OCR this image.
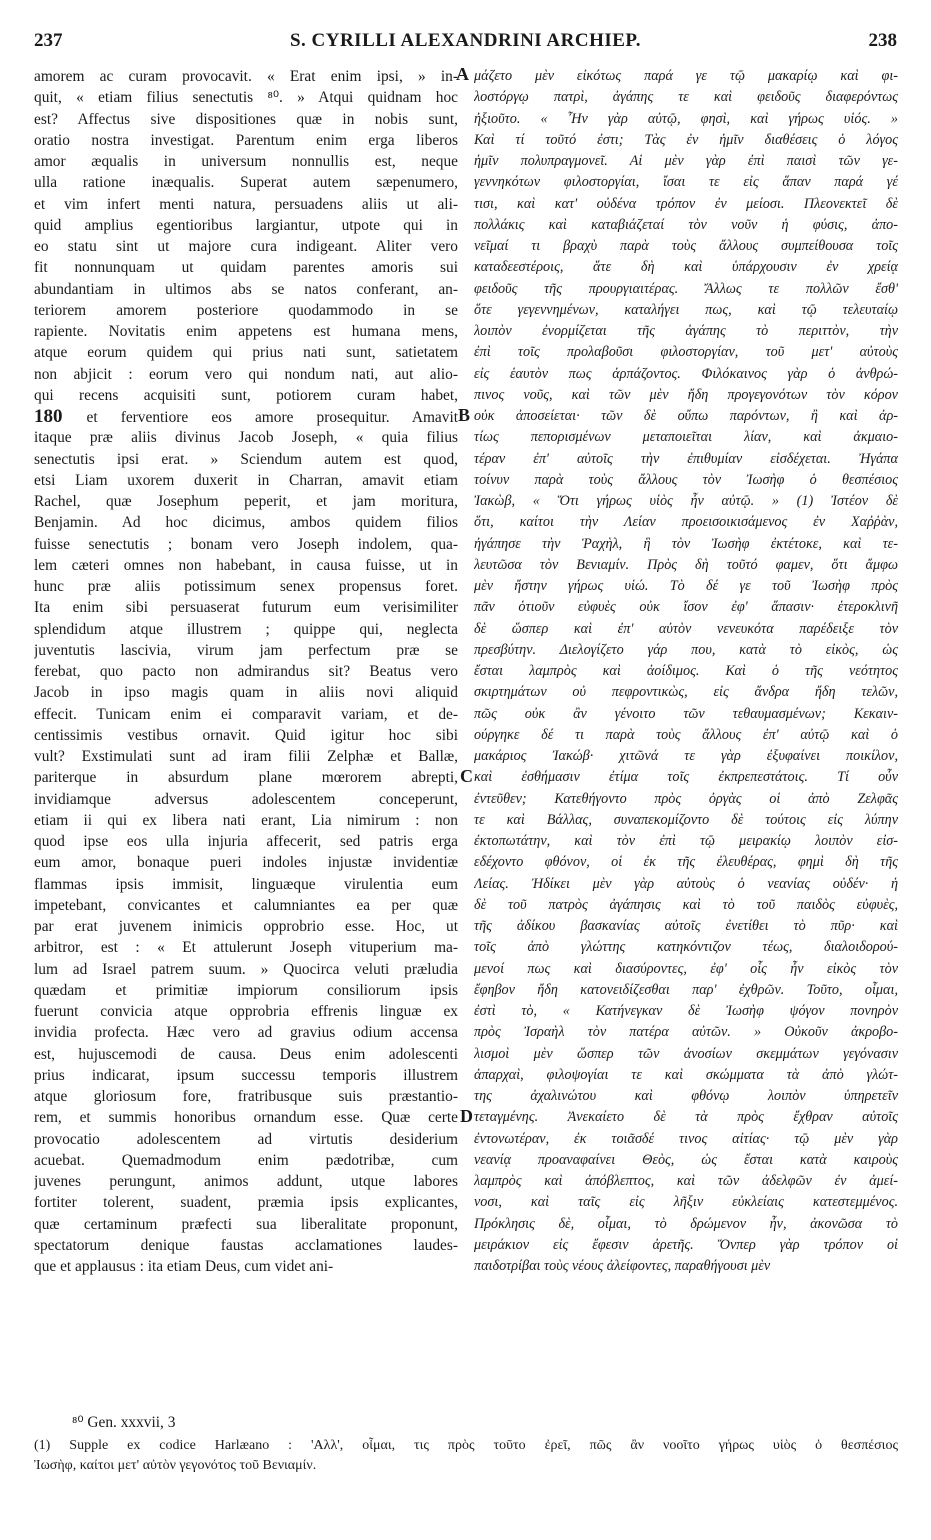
237	S. CYRILLI ALEXANDRINI ARCHIEP.	238
amorem ac curam provocavit. « Erat enim ipsi, » in-
quit, « etiam filius senectutis ⁸⁰. » Atqui quidnam hoc
est? Affectus sive dispositiones quæ in nobis sunt,
oratio nostra investigat. Parentum enim erga liberos
amor æqualis in universum nonnullis est, neque
ulla ratione inæqualis. Superat autem sæpenumero,
et vim infert menti natura, persuadens aliis ut ali-
quid amplius egentioribus largiantur, utpote qui in
eo statu sint ut majore cura indigeant. Aliter vero
fit nonnunquam ut quidam parentes amoris sui
abundantiam in ultimos abs se natos conferant, an-
teriorem amorem posteriore quodammodo in se
rapiente. Novitatis enim appetens est humana mens,
atque eorum quidem qui prius nati sunt, satietatem
non abjicit : eorum vero qui nondum nati, aut alio-
qui recens acquisiti sunt, potiorem curam habet,
180 et ferventiore eos amore prosequitur. Amavit
itaque præ aliis divinus Jacob Joseph, « quia filius
senectutis ipsi erat. » Sciendum autem est quod,
etsi Liam uxorem duxerit in Charran, amavit etiam
Rachel, quæ Josephum peperit, et jam moritura,
Benjamin. Ad hoc dicimus, ambos quidem filios
fuisse senectutis ; bonam vero Joseph indolem, qua-
lem cæteri omnes non habebant, in causa fuisse, ut in
hunc præ aliis potissimum senex propensus foret.
Ita enim sibi persuaserat futurum eum verisimiliter
splendidum atque illustrem ; quippe qui, neglecta
juventutis lascivia, virum jam perfectum præ se
ferebat, quo pacto non admirandus sit? Beatus vero
Jacob in ipso magis quam in aliis novi aliquid
effecit. Tunicam enim ei comparavit variam, et de-
centissimis vestibus ornavit. Quid igitur hoc sibi
vult? Exstimulati sunt ad iram filii Zelphæ et Ballæ,
pariterque in absurdum plane mœrorem abrepti,
invidiamque adversus adolescentem conceperunt,
etiam ii qui ex libera nati erant, Lia nimirum : non
quod ipse eos ulla injuria affecerit, sed patris erga
eum amor, bonaque pueri indoles injustæ invidentiæ
flammas ipsis immisit, linguæque virulentia eum
impetebant, convicantes et calumniantes ea per quæ
par erat juvenem inimicis opprobrio esse. Hoc, ut
arbitror, est : « Et attulerunt Joseph vituperium ma-
lum ad Israel patrem suum. » Quocirca veluti præludia
quædam et primitiæ impiorum consiliorum ipsis
fuerunt convicia atque opprobria effrenis linguæ ex
invidia profecta. Hæc vero ad gravius odium accensa
est, hujuscemodi de causa. Deus enim adolescenti
prius indicarat, ipsum successu temporis illustrem
atque gloriosum fore, fratribusque suis præstantio-
rem, et summis honoribus ornandum esse. Quæ certe
provocatio adolescentem ad virtutis desiderium
acuebat. Quemadmodum enim pædotribæ, cum
juvenes perungunt, animos addunt, utque labores
fortiter tolerent, suadent, præmia ipsis explicantes,
quæ certaminum præfecti sua liberalitate proponunt,
spectatorum denique faustas acclamationes laudes-
que et applausus : ita etiam Deus, cum videt ani-
μάζετο μὲν εἰκότως παρά γε τῷ μακαρίῳ καὶ φι-
λοστόργῳ πατρὶ, ἀγάπης τε καὶ φειδοῦς διαφερόντως
ἠξιοῦτο. « Ἦν γὰρ αὐτῷ, φησὶ, καὶ γήρως υἱός. »
Καὶ τί τοῦτό ἐστι; Τὰς ἐν ἡμῖν διαθέσεις ὁ λόγος
ἡμῖν πολυπραγμονεῖ. Αἱ μὲν γὰρ ἐπὶ παισὶ τῶν γε-
γεννηκότων φιλοστοργίαι, ἴσαι τε εἰς ἅπαν παρά γέ
τισι, καὶ κατ' οὐδένα τρόπον ἐν μείοσι. Πλεονεκτεῖ δὲ
πολλάκις καὶ καταβιάζεταί τὸν νοῦν ἡ φύσις, ἀπο-
νεῖμαί τι βραχὺ παρὰ τοὺς ἄλλους συμπείθουσα τοῖς
καταδεεστέροις, ἅτε δὴ καὶ ὑπάρχουσιν ἐν χρείᾳ
φειδοῦς τῆς προυργιαιτέρας. Ἄλλως τε πολλῶν ἔσθ'
ὅτε γεγεννημένων, καταλήγει πως, καὶ τῷ τελευταίῳ
λοιπὸν ἐνορμίζεται τῆς ἀγάπης τὸ περιττὸν, τὴν
ἐπὶ τοῖς προλαβοῦσι φιλοστοργίαν, τοῦ μετ' αὐτοὺς
εἰς ἑαυτὸν πως ἁρπάζοντος. Φιλόκαινος γὰρ ὁ ἀνθρώ-
πινος νοῦς, καὶ τῶν μὲν ἤδη προγεγονότων τὸν κόρον
οὐκ ἀποσείεται· τῶν δὲ οὔπω παρόντων, ἢ καὶ ἀρ-
τίως πεπορισμένων μεταποιεῖται λίαν, καὶ ἀκμαιο-
τέραν ἐπ' αὐτοῖς τὴν ἐπιθυμίαν εἰσδέχεται. Ἠγάπα
τοίνυν παρὰ τοὺς ἄλλους τὸν Ἰωσὴφ ὁ θεσπέσιος
Ἰακὼβ, « Ὅτι γήρως υἱὸς ἦν αὐτῷ. » (1) Ἰστέον δὲ
ὅτι, καίτοι τὴν Λείαν προεισοικισάμενος ἐν Χαῤῥὰν,
ἠγάπησε τὴν Ῥαχὴλ, ἣ τὸν Ἰωσὴφ ἐκτέτοκε, καὶ τε-
λευτῶσα τὸν Βενιαμίν. Πρὸς δὴ τοῦτό φαμεν, ὅτι ἄμφω
μὲν ἤστην γήρως υἱώ. Τὸ δέ γε τοῦ Ἰωσὴφ πρὸς
πᾶν ὁτιοῦν εὐφυὲς οὐκ ἴσον ἐφ' ἅπασιν· ἑτεροκλινῆ
δὲ ὥσπερ καὶ ἐπ' αὐτὸν νενευκότα παρέδειξε τὸν
πρεσβύτην. Διελογίζετο γάρ που, κατὰ τὸ εἰκὸς, ὡς
ἔσται λαμπρὸς καὶ ἀοίδιμος. Καὶ ὁ τῆς νεότητος
σκιρτημάτων οὐ πεφροντικὼς, εἰς ἄνδρα ἤδη τελῶν,
πῶς οὐκ ἂν γένοιτο τῶν τεθαυμασμένων; Κεκαιν-
ούργηκε δέ τι παρὰ τοὺς ἄλλους ἐπ' αὐτῷ καὶ ὁ
μακάριος Ἰακώβ· χιτῶνά τε γὰρ ἐξυφαίνει ποικίλον,
καὶ ἐσθήμασιν ἐτίμα τοῖς ἐκπρεπεστάτοις. Τί οὖν
ἐντεῦθεν; Κατεθήγοντο πρὸς ὀργὰς οἱ ἀπὸ Ζελφᾶς
τε καὶ Βάλλας, συναπεκομίζοντο δὲ τούτοις εἰς λύπην
ἐκτοπωτάτην, καὶ τὸν ἐπὶ τῷ μειρακίῳ λοιπὸν εἰσ-
εδέχοντο φθόνον, οἱ ἐκ τῆς ἐλευθέρας, φημὶ δὴ τῆς
Λείας. Ἠδίκει μὲν γὰρ αὐτοὺς ὁ νεανίας οὐδέν· ἡ
δὲ τοῦ πατρὸς ἀγάπησις καὶ τὸ τοῦ παιδὸς εὐφυὲς,
τῆς ἀδίκου βασκανίας αὐτοῖς ἐνετίθει τὸ πῦρ· καὶ
τοῖς ἀπὸ γλώττης κατηκόντιζον τέως, διαλοιδορού-
μενοί πως καὶ διασύροντες, ἐφ' οἷς ἦν εἰκὸς τὸν
ἔφηβον ἤδη κατονειδίζεσθαι παρ' ἐχθρῶν. Τοῦτο, οἶμαι,
ἐστὶ τὸ, « Κατήνεγκαν δὲ Ἰωσὴφ ψόγον πονηρὸν
πρὸς Ἰσραὴλ τὸν πατέρα αὐτῶν. » Οὐκοῦν ἀκροβο-
λισμοὶ μὲν ὥσπερ τῶν ἀνοσίων σκεμμάτων γεγόνασιν
ἀπαρχαὶ, φιλοψογίαι τε καὶ σκώμματα τὰ ἀπὸ γλώτ-
της ἀχαλινώτου καὶ φθόνῳ λοιπὸν ὑπηρετεῖν
τεταγμένης. Ἀνεκαίετο δὲ τὰ πρὸς ἔχθραν αὐτοῖς
ἐντονωτέραν, ἐκ τοιᾶσδέ τινος αἰτίας· τῷ μὲν γὰρ
νεανίᾳ προαναφαίνει Θεὸς, ὡς ἔσται κατὰ καιροὺς
λαμπρὸς καὶ ἀπόβλεπτος, καὶ τῶν ἀδελφῶν ἐν ἀμεί-
νοσι, καὶ ταῖς εἰς λῆξιν εὐκλείαις κατεστεμμένος.
Πρόκλησις δὲ, οἶμαι, τὸ δρώμενον ἦν, ἀκονῶσα τὸ
μειράκιον εἰς ἔφεσιν ἀρετῆς. Ὅνπερ γὰρ τρόπον οἱ
παιδοτρίβαι τοὺς νέους ἀλείφοντες, παραθήγουσι μὲν
A
B
C
D
⁸⁰ Gen. xxxvii, 3
(1) Supple ex codice Harlæano : 'Αλλ', οἶμαι, τις πρὸς τοῦτο ἐρεῖ, πῶς ἂν νοοῖτο γήρως υἱὸς ὁ θεσπέσιος
Ἰωσὴφ, καίτοι μετ' αὐτὸν γεγονότος τοῦ Βενιαμίν.
